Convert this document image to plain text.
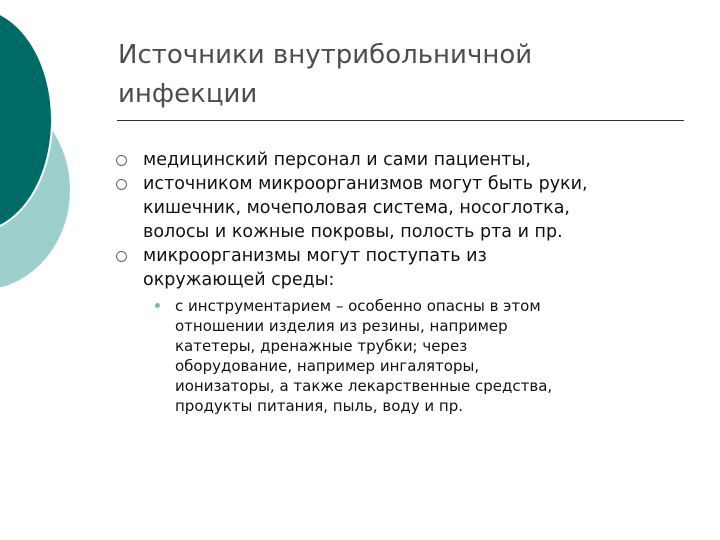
Источники внутрибольничной
инфекции
медицинский персонал и сами пациенты,
источником микроорганизмов могут быть руки,
кишечник, мочеполовая система, носоглотка,
волосы и кожные покровы, полость рта и пр.
микроорганизмы могут поступать из
окружающей среды:
с инструментарием – особенно опасны в этом
отношении изделия из резины, например
катетеры, дренажные трубки; через
оборудование, например ингаляторы,
ионизаторы, а также лекарственные средства,
продукты питания, пыль, воду и пр.
